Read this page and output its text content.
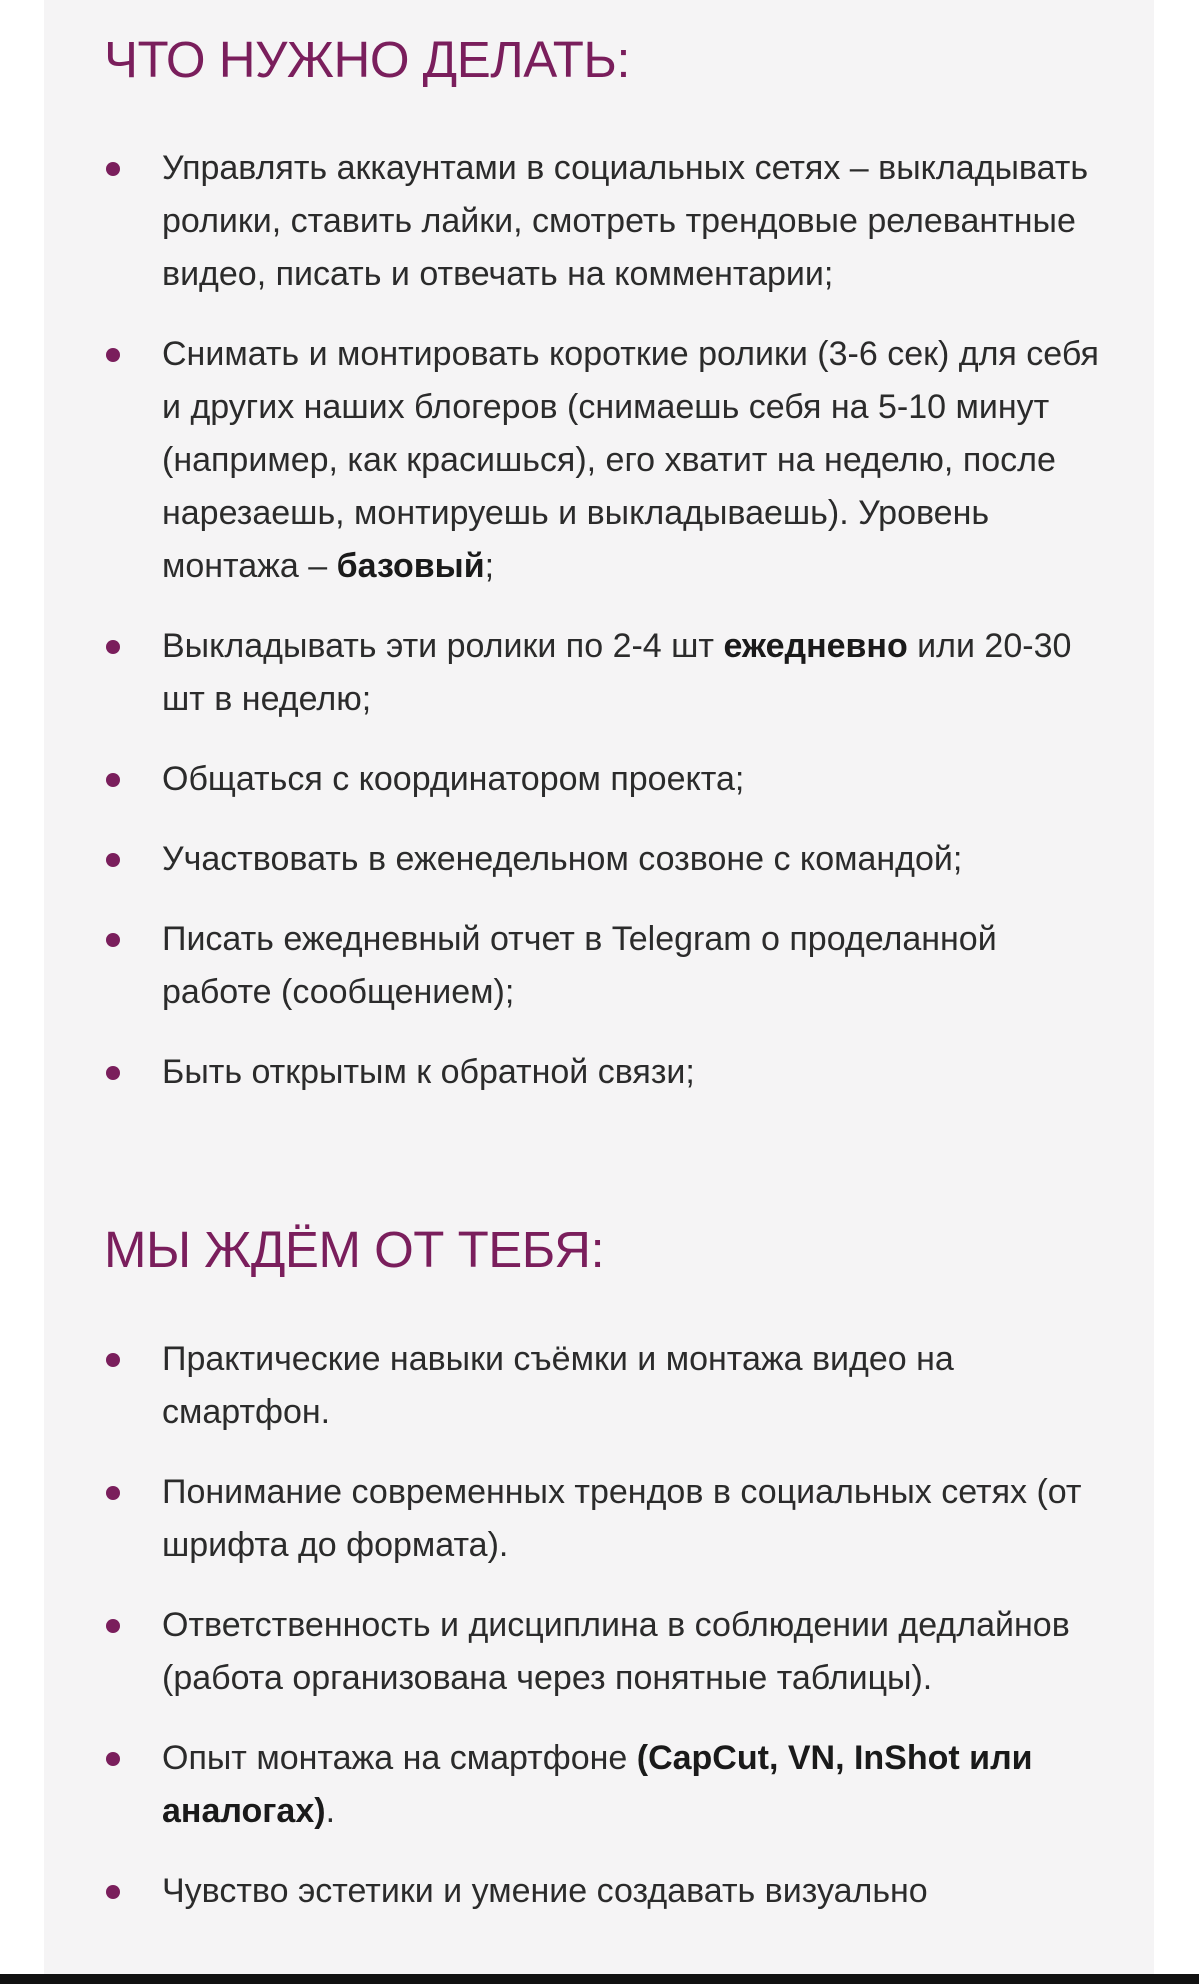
ЧТО НУЖНО ДЕЛАТЬ:
Управлять аккаунтами в социальных сетях – выкладывать ролики, ставить лайки, смотреть трендовые релевантные видео, писать и отвечать на комментарии;
Снимать и монтировать короткие ролики (3-6 сек) для себя и других наших блогеров (снимаешь себя на 5-10 минут (например, как красишься), его хватит на неделю, после нарезаешь, монтируешь и выкладываешь). Уровень монтажа – базовый;
Выкладывать эти ролики по 2-4 шт ежедневно или 20-30 шт в неделю;
Общаться с координатором проекта;
Участвовать в еженедельном созвоне с командой;
Писать ежедневный отчет в Telegram о проделанной работе (сообщением);
Быть открытым к обратной связи;
МЫ ЖДЁМ ОТ ТЕБЯ:
Практические навыки съёмки и монтажа видео на смартфон.
Понимание современных трендов в социальных сетях (от шрифта до формата).
Ответственность и дисциплина в соблюдении дедлайнов (работа организована через понятные таблицы).
Опыт монтажа на смартфоне (CapCut, VN, InShot или аналогах).
Чувство эстетики и умение создавать визуально
